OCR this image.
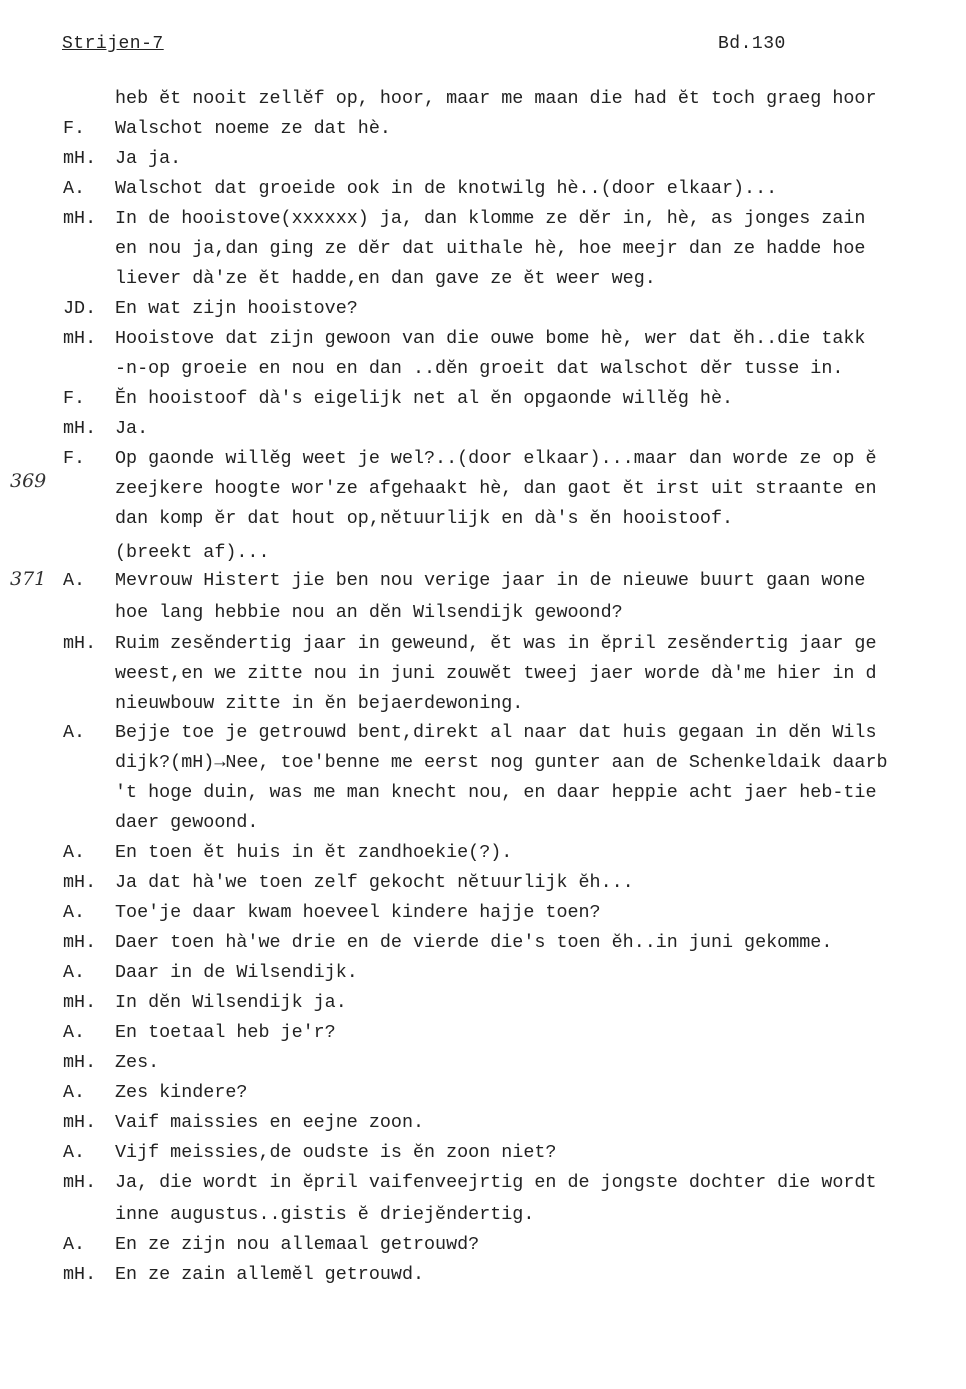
Strijen-7	Bd.130
369
371
heb ĕt nooit zellĕf op, hoor, maar me maan die had ĕt toch graeg hoor
F. Walschot noeme ze dat hè.
mH. Ja ja.
A. Walschot dat groeide ook in de knotwilg hè..(door elkaar)...
mH. In de hooistove(xxxxxx) ja, dan klomme ze dĕr in, hè, as jonges zain
en nou ja,dan ging ze dĕr dat uithale hè, hoe meejr dan ze hadde hoe
liever dà'ze ĕt hadde,en dan gave ze ĕt weer weg.
JD. En wat zijn hooistove?
mH. Hooistove dat zijn gewoon van die ouwe bome hè, wer dat ĕh..die takk
-n-op groeie en nou en dan ..dĕn groeit dat walschot dĕr tusse in.
F. Ĕn hooistoof dà's eigelijk net al ĕn opgaonde willĕg hè.
mH. Ja.
F. Op gaonde willĕg weet je wel?..(door elkaar)...maar dan worde ze op ĕ
zeejkere hoogte wor'ze afgehaakt hè, dan gaot ĕt irst uit straante en
dan komp ĕr dat hout op,nĕtuurlijk en dà's ĕn hooistoof.
(breekt af)...
A. Mevrouw Histert jie ben nou verige jaar in de nieuwe buurt gaan wone
hoe lang hebbie nou an dĕn Wilsendijk gewoond?
mH. Ruim zesĕndertig jaar in geweund, ĕt was in ĕpril zesĕndertig jaar ge
weest,en we zitte nou in juni zouwĕt tweej jaer worde dà'me hier in d
nieuwbouw zitte in ĕn bejaerdewoning.
A. Bejje toe je getrouwd bent,direkt al naar dat huis gegaan in dĕn Wils
dijk?(mH)→Nee, toe'benne me eerst nog gunter aan de Schenkeldaik daarb
't hoge duin, was me man knecht nou, en daar heppie acht jaer heb-tie
daer gewoond.
A. En toen ĕt huis in ĕt zandhoekie(?).
mH. Ja dat hà'we toen zelf gekocht nĕtuurlijk ĕh...
A. Toe'je daar kwam hoeveel kindere hajje toen?
mH. Daer toen hà'we drie en de vierde die's toen ĕh..in juni gekomme.
A. Daar in de Wilsendijk.
mH. In dĕn Wilsendijk ja.
A. En toetaal heb je'r?
mH. Zes.
A. Zes kindere?
mH. Vaif maissies en eejne zoon.
A. Vijf meissies,de oudste is ĕn zoon niet?
mH. Ja, die wordt in ĕpril vaifenveejrtig en de jongste dochter die wordt
inne augustus..gistis ĕ driejĕndertig.
A. En ze zijn nou allemaal getrouwd?
mH. En ze zain allemĕl getrouwd.
